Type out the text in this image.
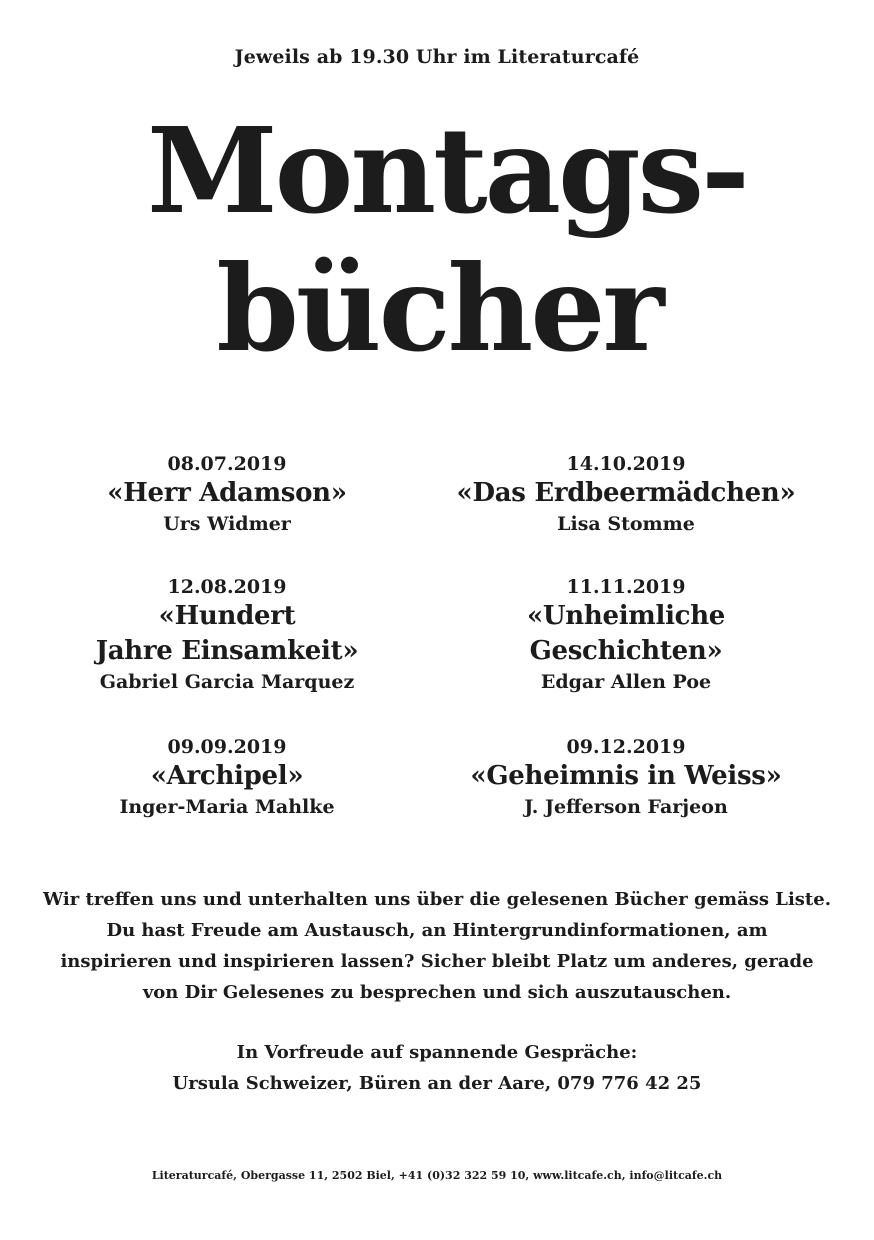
Jeweils ab 19.30 Uhr im Literaturcafé
Montags-
bücher
08.07.2019
«Herr Adamson»
Urs Widmer
14.10.2019
«Das Erdbeermädchen»
Lisa Stomme
12.08.2019
«Hundert
Jahre Einsamkeit»
Gabriel Garcia Marquez
11.11.2019
«Unheimliche
Geschichten»
Edgar Allen Poe
09.09.2019
«Archipel»
Inger-Maria Mahlke
09.12.2019
«Geheimnis in Weiss»
J. Jefferson Farjeon
Wir treffen uns und unterhalten uns über die gelesenen Bücher gemäss Liste.
Du hast Freude am Austausch, an Hintergrundinformationen, am
inspirieren und inspirieren lassen? Sicher bleibt Platz um anderes, gerade
von Dir Gelesenes zu besprechen und sich auszutauschen.
In Vorfreude auf spannende Gespräche:
Ursula Schweizer, Büren an der Aare, 079 776 42 25
Literaturcafé, Obergasse 11, 2502 Biel, +41 (0)32 322 59 10, www.litcafe.ch, info@litcafe.ch
